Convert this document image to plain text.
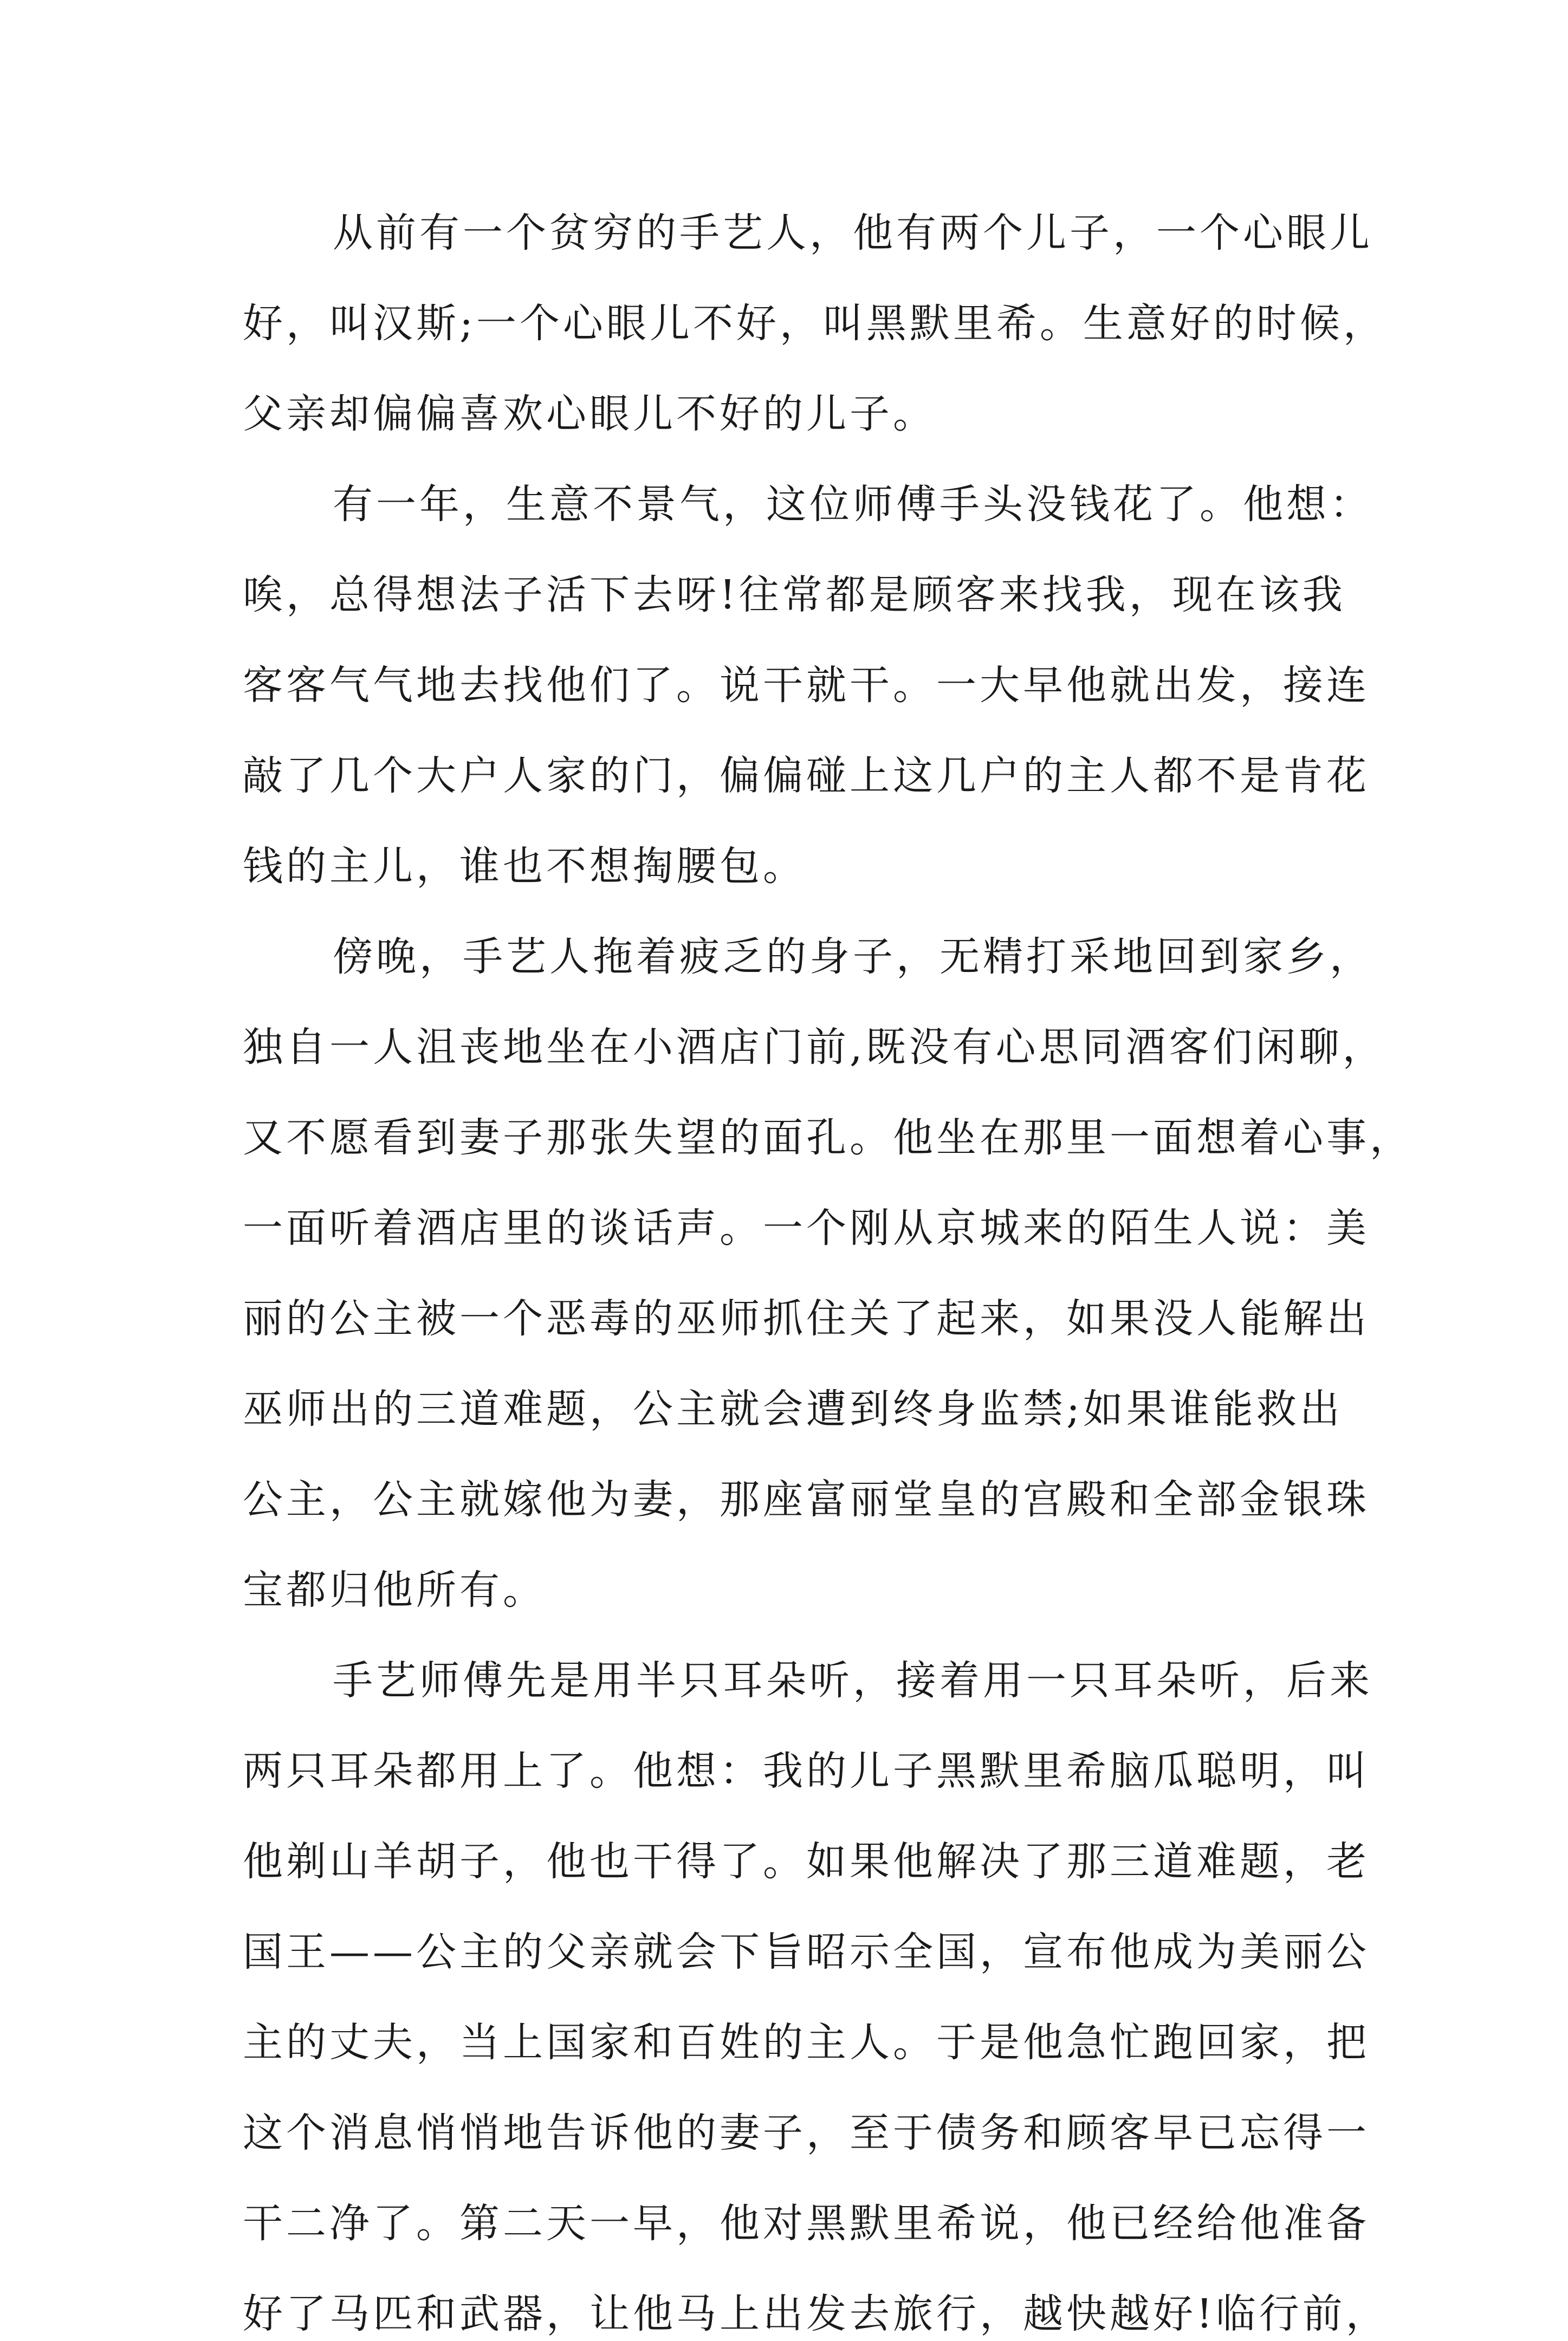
从前有一个贫穷的手艺人，他有两个儿子，一个心眼儿
好，叫汉斯;一个心眼儿不好，叫黑默里希。生意好的时候，
父亲却偏偏喜欢心眼儿不好的儿子。
有一年，生意不景气，这位师傅手头没钱花了。他想：
唉，总得想法子活下去呀!往常都是顾客来找我，现在该我
客客气气地去找他们了。说干就干。一大早他就出发，接连
敲了几个大户人家的门，偏偏碰上这几户的主人都不是肯花
钱的主儿，谁也不想掏腰包。
傍晚，手艺人拖着疲乏的身子，无精打采地回到家乡，
独自一人沮丧地坐在小酒店门前,既没有心思同酒客们闲聊，
又不愿看到妻子那张失望的面孔。他坐在那里一面想着心事，
一面听着酒店里的谈话声。一个刚从京城来的陌生人说：美
丽的公主被一个恶毒的巫师抓住关了起来，如果没人能解出
巫师出的三道难题，公主就会遭到终身监禁;如果谁能救出
公主，公主就嫁他为妻，那座富丽堂皇的宫殿和全部金银珠
宝都归他所有。
手艺师傅先是用半只耳朵听，接着用一只耳朵听，后来
两只耳朵都用上了。他想：我的儿子黑默里希脑瓜聪明，叫
他剃山羊胡子，他也干得了。如果他解决了那三道难题，老
国王——公主的父亲就会下旨昭示全国，宣布他成为美丽公
主的丈夫，当上国家和百姓的主人。于是他急忙跑回家，把
这个消息悄悄地告诉他的妻子，至于债务和顾客早已忘得一
干二净了。第二天一早，他对黑默里希说，他已经给他准备
好了马匹和武器，让他马上出发去旅行，越快越好!临行前，
